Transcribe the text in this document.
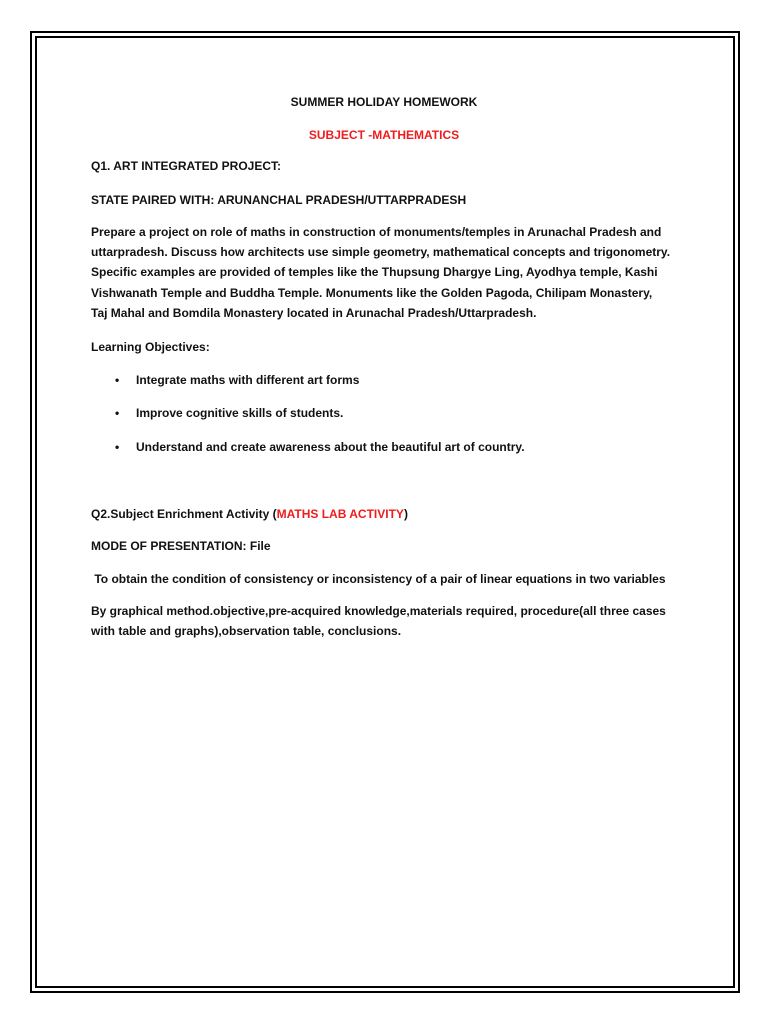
SUMMER HOLIDAY HOMEWORK
SUBJECT -MATHEMATICS
Q1. ART INTEGRATED PROJECT:
STATE PAIRED WITH: ARUNANCHAL PRADESH/UTTARPRADESH
Prepare a project on role of maths in construction of monuments/temples in Arunachal Pradesh and
uttarpradesh. Discuss how architects use simple geometry, mathematical concepts and trigonometry.
Specific examples are provided of temples like the Thupsung Dhargye Ling, Ayodhya temple, Kashi
Vishwanath Temple and Buddha Temple. Monuments like the Golden Pagoda, Chilipam Monastery,
Taj Mahal and Bomdila Monastery located in Arunachal Pradesh/Uttarpradesh.
Learning Objectives:
• Integrate maths with different art forms
• Improve cognitive skills of students.
• Understand and create awareness about the beautiful art of country.
Q2.Subject Enrichment Activity (MATHS LAB ACTIVITY)
MODE OF PRESENTATION: File
To obtain the condition of consistency or inconsistency of a pair of linear equations in two variables
By graphical method.objective,pre-acquired knowledge,materials required, procedure(all three cases
with table and graphs),observation table, conclusions.
